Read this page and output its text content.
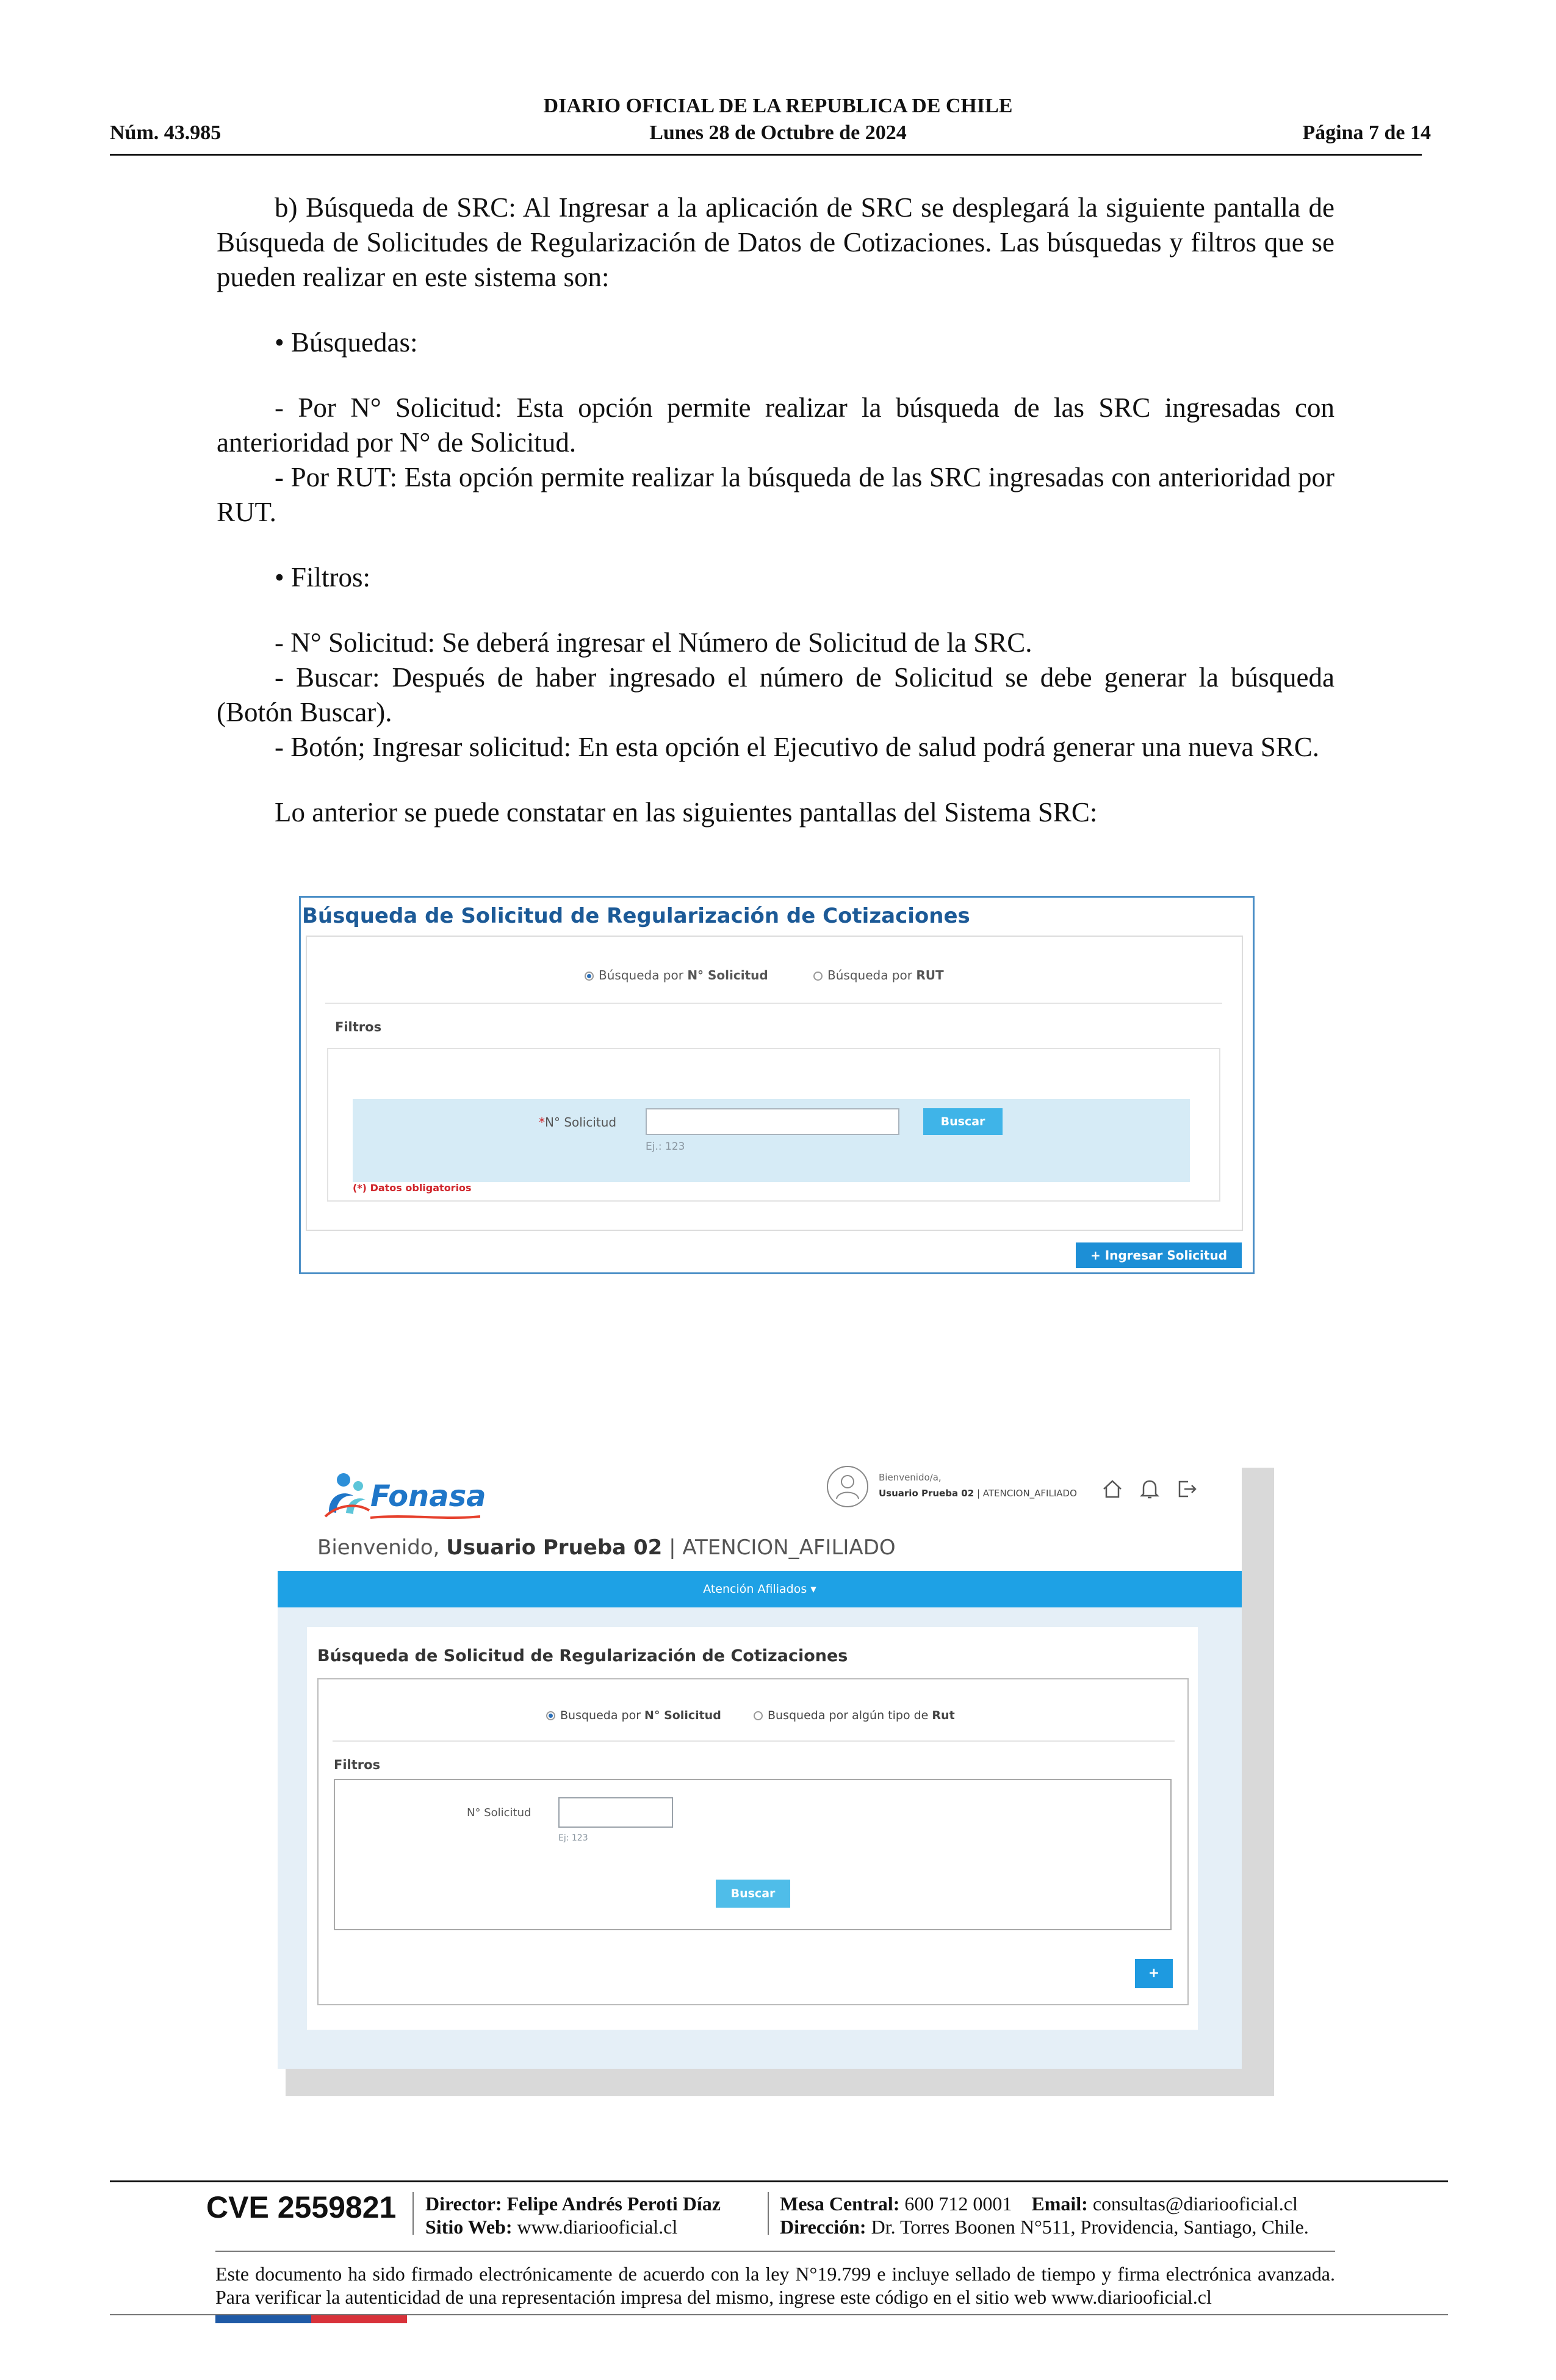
DIARIO OFICIAL DE LA REPUBLICA DE CHILE
Lunes 28 de Octubre de 2024
Núm. 43.985	Página 7 de 14

b) Búsqueda de SRC: Al Ingresar a la aplicación de SRC se desplegará la siguiente pantalla de Búsqueda de Solicitudes de Regularización de Datos de Cotizaciones. Las búsquedas y filtros que se pueden realizar en este sistema son:

• Búsquedas:

- Por N° Solicitud: Esta opción permite realizar la búsqueda de las SRC ingresadas con anterioridad por N° de Solicitud.

- Por RUT: Esta opción permite realizar la búsqueda de las SRC ingresadas con anterioridad por RUT.

• Filtros:

- N° Solicitud: Se deberá ingresar el Número de Solicitud de la SRC.

- Buscar: Después de haber ingresado el número de Solicitud se debe generar la búsqueda (Botón Buscar).

- Botón; Ingresar solicitud: En esta opción el Ejecutivo de salud podrá generar una nueva SRC.

Lo anterior se puede constatar en las siguientes pantallas del Sistema SRC:

Búsqueda de Solicitud de Regularización de Cotizaciones
Búsqueda por N° Solicitud	Búsqueda por RUT
Filtros
*N° Solicitud
Ej.: 123
Buscar
(*) Datos obligatorios
+ Ingresar Solicitud
Fonasa
Bienvenido/a,
Usuario Prueba 02 | ATENCION_AFILIADO

Bienvenido, Usuario Prueba 02 | ATENCION_AFILIADO
Atención Afiliados ▾
Búsqueda de Solicitud de Regularización de Cotizaciones
Busqueda por N° Solicitud	Busqueda por algún tipo de Rut
Filtros
N° Solicitud
Ej: 123
Buscar
+
CVE 2559821 Director: Felipe Andrés Peroti Díaz
Sitio Web: www.diariooficial.cl
Mesa Central: 600 712 0001 Email: consultas@diariooficial.cl
Dirección: Dr. Torres Boonen N°511, Providencia, Santiago, Chile.
Este documento ha sido firmado electrónicamente de acuerdo con la ley N°19.799 e incluye sellado de tiempo y firma electrónica avanzada. Para verificar la autenticidad de una representación impresa del mismo, ingrese este código en el sitio web www.diariooficial.cl
